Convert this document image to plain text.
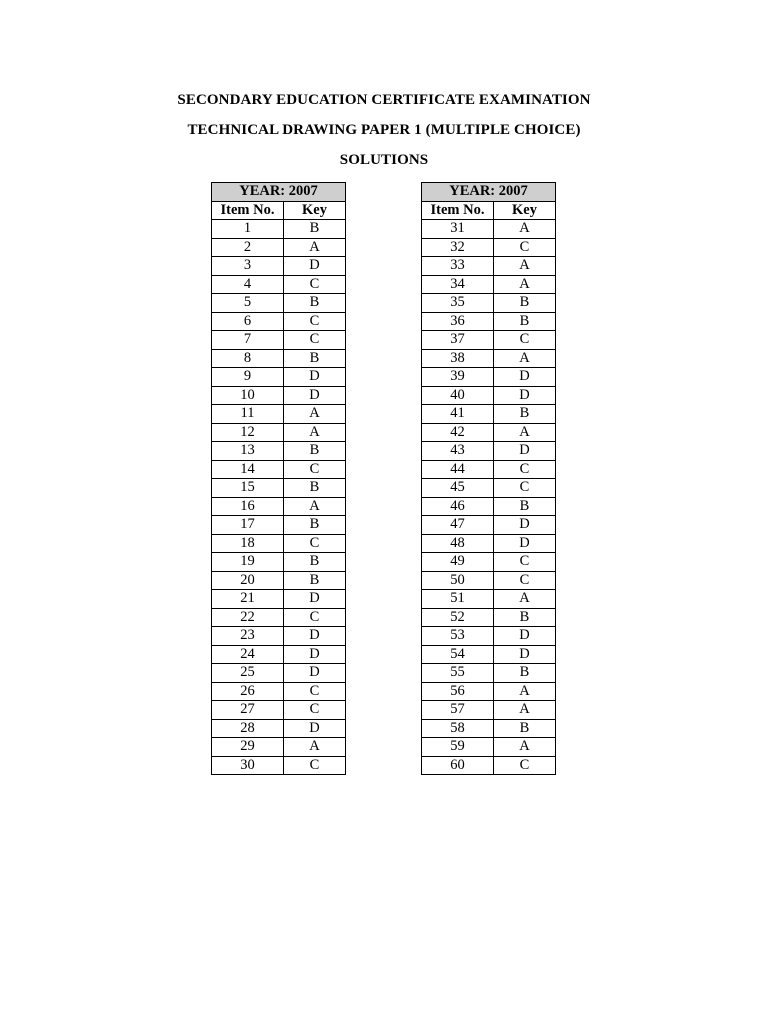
SECONDARY EDUCATION CERTIFICATE EXAMINATION
TECHNICAL DRAWING PAPER 1 (MULTIPLE CHOICE)
SOLUTIONS
YEAR: 2007	
Item No.	Key
1	B
2	A
3	D
4	C
5	B
6	C
7	C
8	B
9	D
10	D
11	A
12	A
13	B
14	C
15	B
16	A
17	B
18	C
19	B
20	B
21	D
22	C
23	D
24	D
25	D
26	C
27	C
28	D
29	A
30	C
YEAR: 2007	
Item No.	Key
31	A
32	C
33	A
34	A
35	B
36	B
37	C
38	A
39	D
40	D
41	B
42	A
43	D
44	C
45	C
46	B
47	D
48	D
49	C
50	C
51	A
52	B
53	D
54	D
55	B
56	A
57	A
58	B
59	A
60	C
